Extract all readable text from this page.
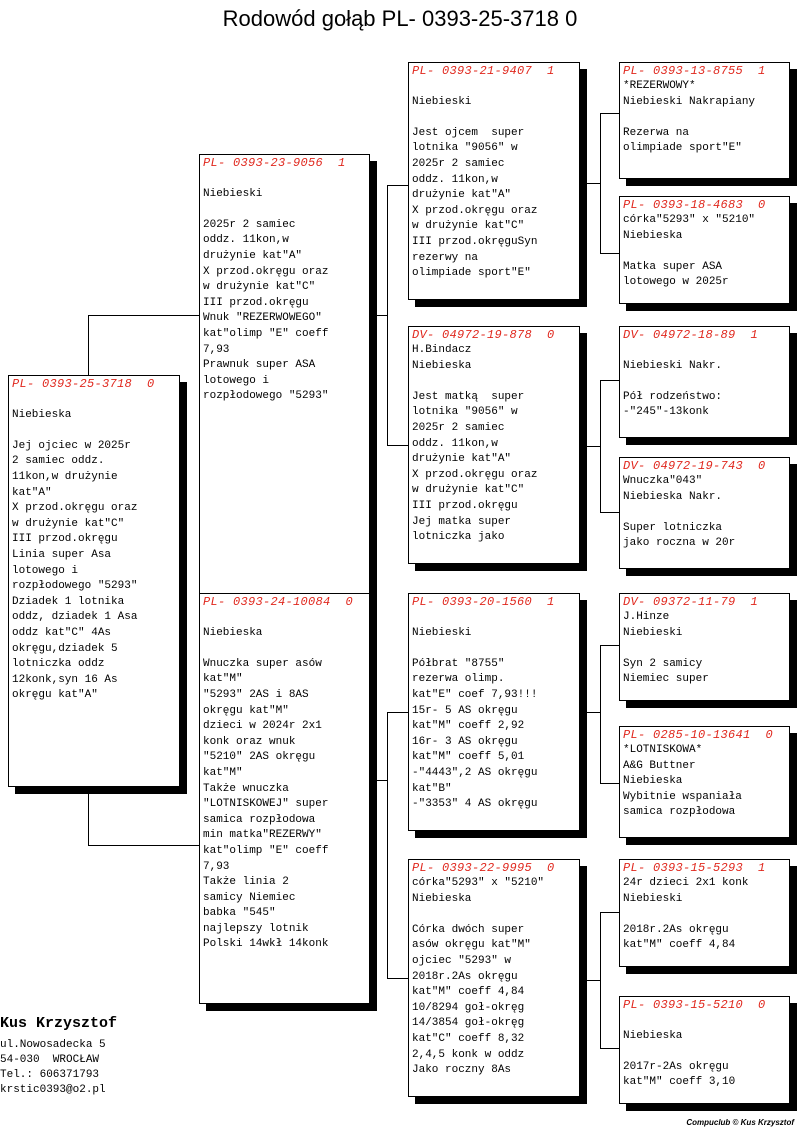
Rodowód gołąb PL- 0393-25-3718 0
PL- 0393-25-3718  0

Niebieska

Jej ojciec w 2025r
2 samiec oddz.
11kon,w drużynie
kat"A"
X przod.okręgu oraz
w drużynie kat"C"
III przod.okręgu
Linia super Asa
lotowego i
rozpłodowego "5293"
Dziadek 1 lotnika
oddz, dziadek 1 Asa
oddz kat"C" 4As
okręgu,dziadek 5
lotniczka oddz
12konk,syn 16 As
okręgu kat"A"
PL- 0393-23-9056  1

Niebieski

2025r 2 samiec
oddz. 11kon,w
drużynie kat"A"
X przod.okręgu oraz
w drużynie kat"C"
III przod.okręgu
Wnuk "REZERWOWEGO"
kat"olimp "E" coeff
7,93
Prawnuk super ASA
lotowego i
rozpłodowego "5293"
PL- 0393-24-10084  0

Niebieska

Wnuczka super asów
kat"M"
"5293" 2AS i 8AS
okręgu kat"M"
dzieci w 2024r 2x1
konk oraz wnuk
"5210" 2AS okręgu
kat"M"
Także wnuczka
"LOTNISKOWEJ" super
samica rozpłodowa
min matka"REZERWY"
kat"olimp "E" coeff
7,93
Także linia 2
samicy Niemiec
babka "545"
najlepszy lotnik
Polski 14wkł 14konk
PL- 0393-21-9407  1

Niebieski

Jest ojcem  super
lotnika "9056" w
2025r 2 samiec
oddz. 11kon,w
drużynie kat"A"
X przod.okręgu oraz
w drużynie kat"C"
III przod.okręguSyn
rezerwy na
olimpiade sport"E"
DV- 04972-19-878  0
H.Bindacz
Niebieska

Jest matką  super
lotnika "9056" w
2025r 2 samiec
oddz. 11kon,w
drużynie kat"A"
X przod.okręgu oraz
w drużynie kat"C"
III przod.okręgu
Jej matka super
lotniczka jako
PL- 0393-20-1560  1

Niebieski

Półbrat "8755"
rezerwa olimp.
kat"E" coef 7,93!!!
15r- 5 AS okręgu
kat"M" coeff 2,92
16r- 3 AS okręgu
kat"M" coeff 5,01
-"4443",2 AS okręgu
kat"B"
-"3353" 4 AS okręgu
PL- 0393-22-9995  0
córka"5293" x "5210"
Niebieska

Córka dwóch super
asów okręgu kat"M"
ojciec "5293" w
2018r.2As okręgu
kat"M" coeff 4,84
10/8294 goł-okręg
14/3854 goł-okręg
kat"C" coeff 8,32
2,4,5 konk w oddz
Jako roczny 8As
PL- 0393-13-8755  1
*REZERWOWY*
Niebieski Nakrapiany

Rezerwa na
olimpiade sport"E"
PL- 0393-18-4683  0
córka"5293" x "5210"
Niebieska

Matka super ASA
lotowego w 2025r
DV- 04972-18-89  1

Niebieski Nakr.

Pół rodzeństwo:
-"245"-13konk
DV- 04972-19-743  0
Wnuczka"043"
Niebieska Nakr.

Super lotniczka
jako roczna w 20r
DV- 09372-11-79  1
J.Hinze
Niebieski

Syn 2 samicy
Niemiec super
PL- 0285-10-13641  0
*LOTNISKOWA*
A&G Buttner
Niebieska
Wybitnie wspaniała
samica rozpłodowa
PL- 0393-15-5293  1
24r dzieci 2x1 konk
Niebieski

2018r.2As okręgu
kat"M" coeff 4,84
PL- 0393-15-5210  0

Niebieska

2017r-2As okręgu
kat"M" coeff 3,10
Kus Krzysztof
ul.Nowosadecka 5
54-030  WROCŁAW
Tel.: 606371793
krstic0393@o2.pl
Compuclub © Kus Krzysztof
